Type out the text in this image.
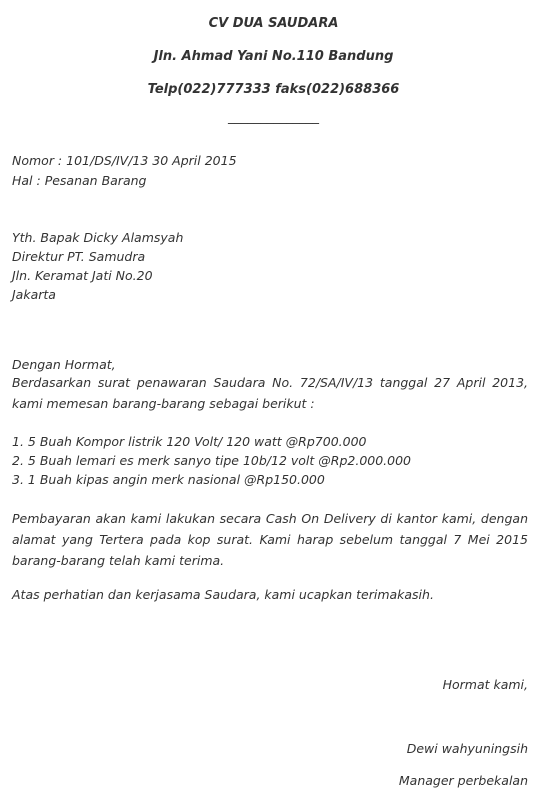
CV DUA SAUDARA
Jln. Ahmad Yani No.110 Bandung
Telp(022)777333 faks(022)688366
______________
Nomor : 101/DS/IV/13 30 April 2015
Hal : Pesanan Barang
Yth. Bapak Dicky Alamsyah
Direktur PT. Samudra
Jln. Keramat Jati No.20
Jakarta
Dengan Hormat,
Berdasarkan surat penawaran Saudara No. 72/SA/IV/13 tanggal 27 April 2013, kami memesan barang-barang sebagai berikut :
1. 5 Buah Kompor listrik 120 Volt/ 120 watt @Rp700.000
2. 5 Buah lemari es merk sanyo tipe 10b/12 volt @Rp2.000.000
3. 1 Buah kipas angin merk nasional @Rp150.000
Pembayaran akan kami lakukan secara Cash On Delivery di kantor kami, dengan alamat yang Tertera pada kop surat. Kami harap sebelum tanggal 7 Mei 2015 barang-barang telah kami terima.
Atas perhatian dan kerjasama Saudara, kami ucapkan terimakasih.
Hormat kami,
Dewi wahyuningsih
Manager perbekalan
